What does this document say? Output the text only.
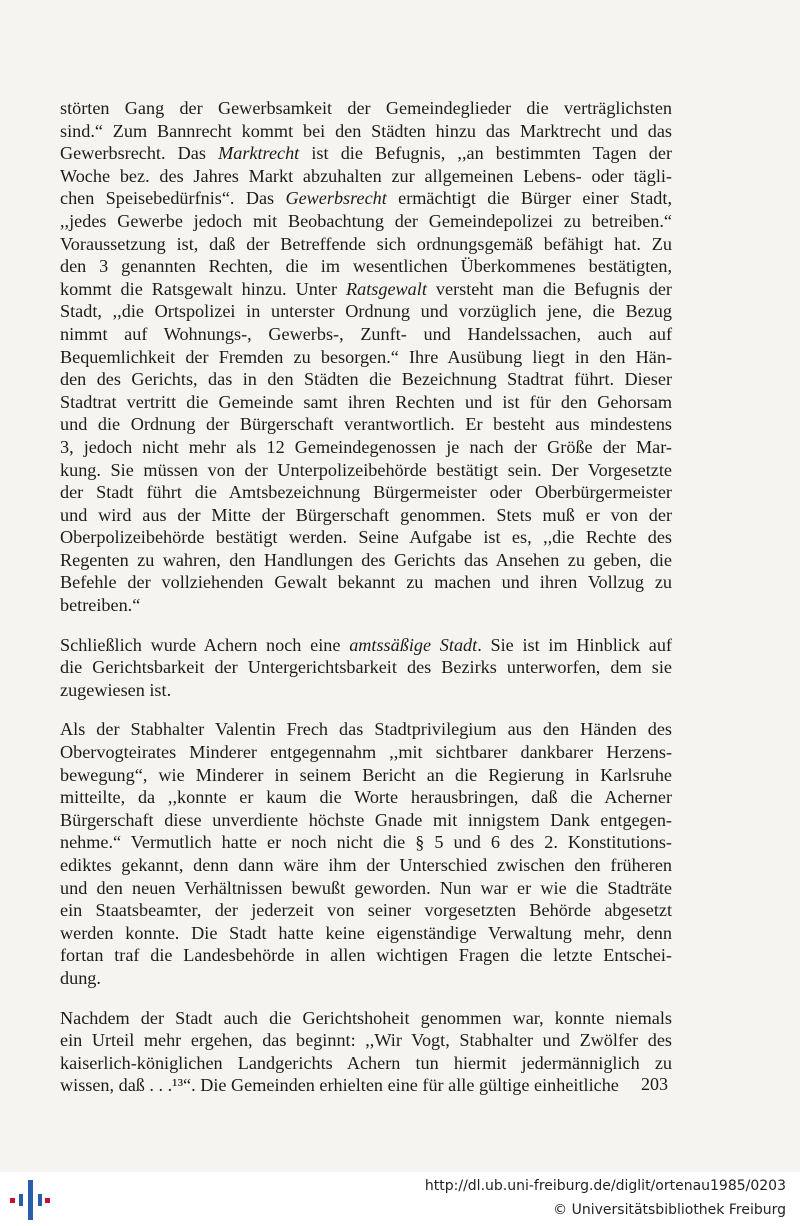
störten Gang der Gewerbsamkeit der Gemeindeglieder die verträglichsten
sind.“ Zum Bannrecht kommt bei den Städten hinzu das Marktrecht und das
Gewerbsrecht. Das Marktrecht ist die Befugnis, ,,an bestimmten Tagen der
Woche bez. des Jahres Markt abzuhalten zur allgemeinen Lebens- oder tägli-
chen Speisebedürfnis“. Das Gewerbsrecht ermächtigt die Bürger einer Stadt,
,,jedes Gewerbe jedoch mit Beobachtung der Gemeindepolizei zu betreiben.“
Voraussetzung ist, daß der Betreffende sich ordnungsgemäß befähigt hat. Zu
den 3 genannten Rechten, die im wesentlichen Überkommenes bestätigten,
kommt die Ratsgewalt hinzu. Unter Ratsgewalt versteht man die Befugnis der
Stadt, ,,die Ortspolizei in unterster Ordnung und vorzüglich jene, die Bezug
nimmt auf Wohnungs-, Gewerbs-, Zunft- und Handelssachen, auch auf
Bequemlichkeit der Fremden zu besorgen.“ Ihre Ausübung liegt in den Hän-
den des Gerichts, das in den Städten die Bezeichnung Stadtrat führt. Dieser
Stadtrat vertritt die Gemeinde samt ihren Rechten und ist für den Gehorsam
und die Ordnung der Bürgerschaft verantwortlich. Er besteht aus mindestens
3, jedoch nicht mehr als 12 Gemeindegenossen je nach der Größe der Mar-
kung. Sie müssen von der Unterpolizeibehörde bestätigt sein. Der Vorgesetzte
der Stadt führt die Amtsbezeichnung Bürgermeister oder Oberbürgermeister
und wird aus der Mitte der Bürgerschaft genommen. Stets muß er von der
Oberpolizeibehörde bestätigt werden. Seine Aufgabe ist es, ,,die Rechte des
Regenten zu wahren, den Handlungen des Gerichts das Ansehen zu geben, die
Befehle der vollziehenden Gewalt bekannt zu machen und ihren Vollzug zu
betreiben.“

Schließlich wurde Achern noch eine amtssäßige Stadt. Sie ist im Hinblick auf
die Gerichtsbarkeit der Untergerichtsbarkeit des Bezirks unterworfen, dem sie
zugewiesen ist.

Als der Stabhalter Valentin Frech das Stadtprivilegium aus den Händen des
Obervogteirates Minderer entgegennahm ,,mit sichtbarer dankbarer Herzens-
bewegung“, wie Minderer in seinem Bericht an die Regierung in Karlsruhe
mitteilte, da ,,konnte er kaum die Worte herausbringen, daß die Acherner
Bürgerschaft diese unverdiente höchste Gnade mit innigstem Dank entgegen-
nehme.“ Vermutlich hatte er noch nicht die § 5 und 6 des 2. Konstitutions-
ediktes gekannt, denn dann wäre ihm der Unterschied zwischen den früheren
und den neuen Verhältnissen bewußt geworden. Nun war er wie die Stadträte
ein Staatsbeamter, der jederzeit von seiner vorgesetzten Behörde abgesetzt
werden konnte. Die Stadt hatte keine eigenständige Verwaltung mehr, denn
fortan traf die Landesbehörde in allen wichtigen Fragen die letzte Entschei-
dung.

Nachdem der Stadt auch die Gerichtshoheit genommen war, konnte niemals
ein Urteil mehr ergehen, das beginnt: ,,Wir Vogt, Stabhalter und Zwölfer des
kaiserlich-königlichen Landgerichts Achern tun hiermit jedermänniglich zu
wissen, daß . . .¹³“. Die Gemeinden erhielten eine für alle gültige einheitliche	203
http://dl.ub.uni-freiburg.de/diglit/ortenau1985/0203
© Universitätsbibliothek Freiburg
